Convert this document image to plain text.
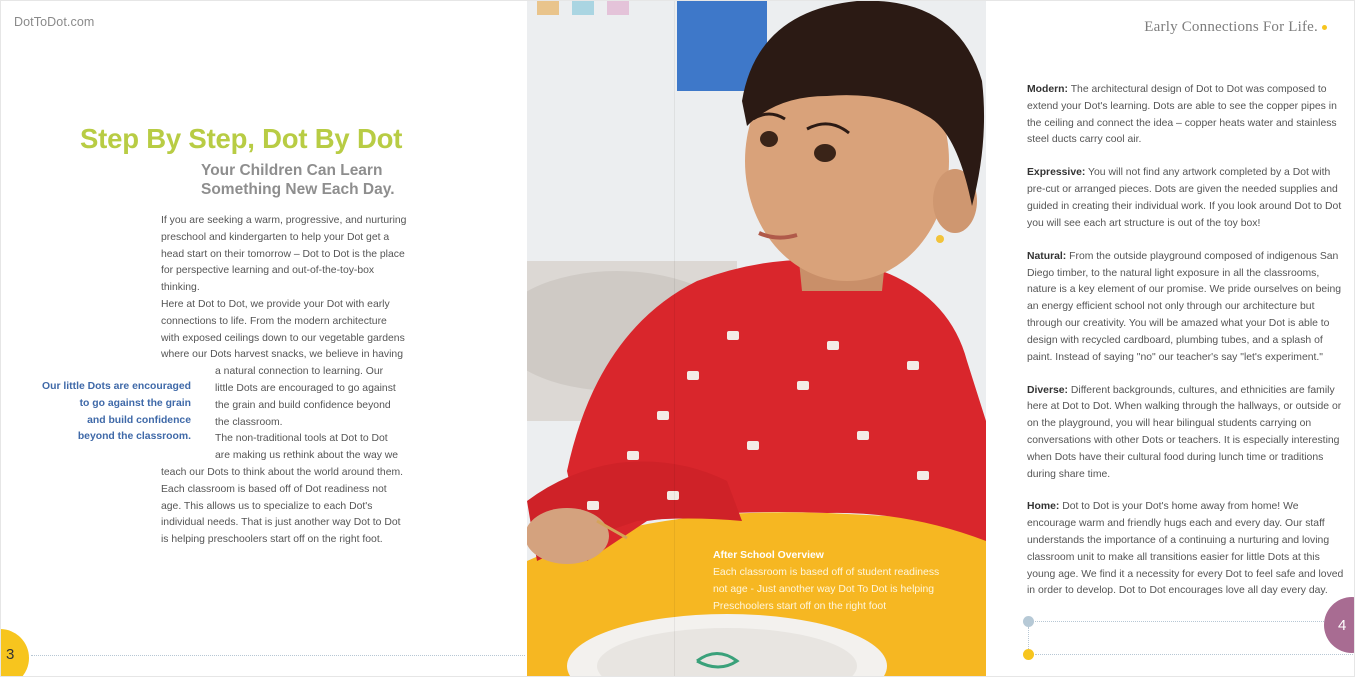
DotToDot.com
Step By Step, Dot By Dot
Your Children Can Learn
Something New Each Day.

If you are seeking a warm, progressive, and nurturing

preschool and kindergarten to help your Dot get a

head start on their tomorrow – Dot to Dot is the place

for perspective learning and out-of-the-toy-box

thinking.

Here at Dot to Dot, we provide your Dot with early

connections to life. From the modern architecture

with exposed ceilings down to our vegetable gardens

where our Dots harvest snacks, we believe in having

a natural connection to learning. Our

little Dots are encouraged to go against

the grain and build confidence beyond

the classroom.

The non-traditional tools at Dot to Dot

are making us rethink about the way we

teach our Dots to think about the world around them.

Each classroom is based off of Dot readiness not

age. This allows us to specialize to each Dot's

individual needs. That is just another way Dot to Dot

is helping preschoolers start off on the right foot.

Our little Dots are encouraged
to go against the grain
and build confidence
beyond the classroom.
3
After School Overview
Each classroom is based off of student readiness
not age - Just another way Dot To Dot is helping
Preschoolers start off on the right foot
Early Connections For Life.
Modern: The architectural design of Dot to Dot was composed to
extend your Dot's learning. Dots are able to see the copper pipes in
the ceiling and connect the idea – copper heats water and stainless
steel ducts carry cool air.
Expressive: You will not find any artwork completed by a Dot with
pre-cut or arranged pieces. Dots are given the needed supplies and
guided in creating their individual work. If you look around Dot to Dot
you will see each art structure is out of the toy box!
Natural: From the outside playground composed of indigenous San
Diego timber, to the natural light exposure in all the classrooms,
nature is a key element of our promise. We pride ourselves on being
an energy efficient school not only through our architecture but
through our creativity. You will be amazed what your Dot is able to
design with recycled cardboard, plumbing tubes, and a splash of
paint. Instead of saying "no" our teacher's say "let's experiment."
Diverse: Different backgrounds, cultures, and ethnicities are family
here at Dot to Dot. When walking through the hallways, or outside or
on the playground, you will hear bilingual students carrying on
conversations with other Dots or teachers. It is especially interesting
when Dots have their cultural food during lunch time or traditions
during share time.
Home: Dot to Dot is your Dot's home away from home! We
encourage warm and friendly hugs each and every day. Our staff
understands the importance of a continuing a nurturing and loving
classroom unit to make all transitions easier for little Dots at this
young age. We find it a necessity for every Dot to feel safe and loved
in order to develop. Dot to Dot encourages love all day every day.
4
